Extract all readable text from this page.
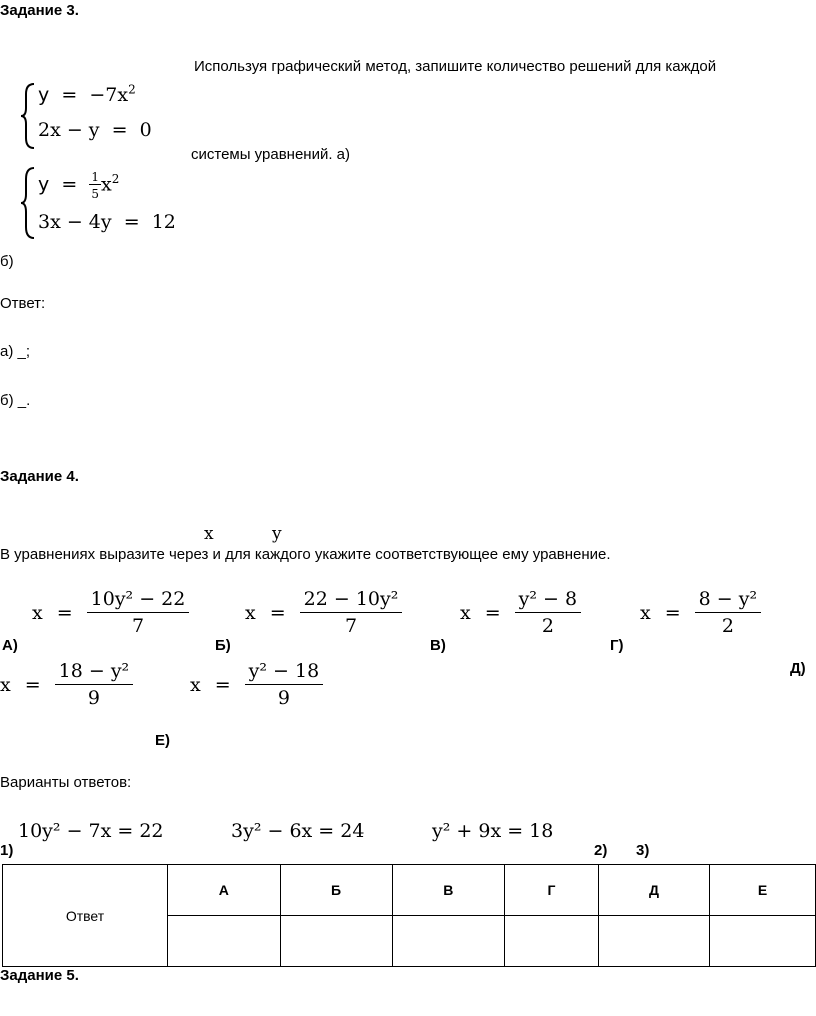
Задание 3.
Используя графический метод, запишите количество решений для каждой
$y = -7x^2$
2x − y  =  0
системы уравнений. а)
$y = \frac{1}{5} x^2$
3x − 4y  =  12
б)
Ответ:
а) _;
б) _.
Задание 4.
x	y
В уравнениях выразите через и для каждого укажите соответствующее ему уравнение.
$x = \frac{\text{10y² − 22}}{7}$
А)
$x = \frac{\text{22 − 10y²}}{7}$
Б)
$x = \frac{\text{y² − 8}}{2}$
В)
$x = \frac{\text{8 − y²}}{2}$
Г)
$x = \frac{\text{18 − y²}}{9}$	Д)
$x = \frac{\text{y² − 18}}{9}$
Е)
Варианты ответов:
10y² − 7x = 22	3y² − 6x = 24	y² + 9x = 18
1)	2) 3)
Ответ	А	Б	В	Г	Д	Е

Задание 5.
